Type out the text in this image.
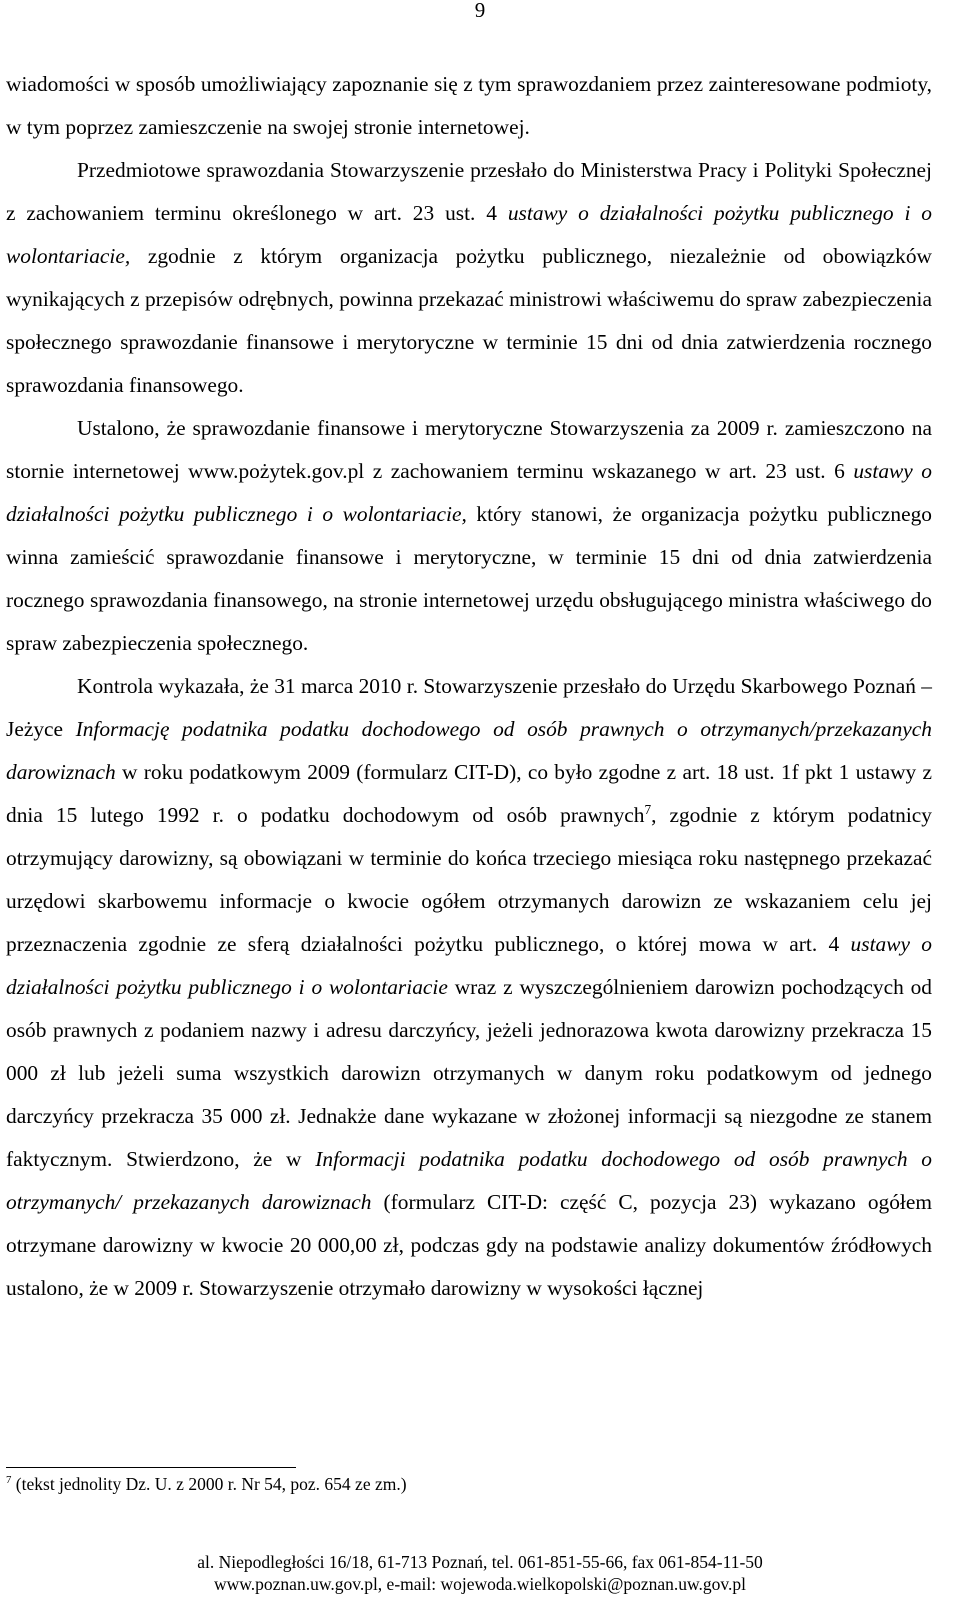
9

wiadomości w sposób umożliwiający zapoznanie się z tym sprawozdaniem przez zainteresowane podmioty, w tym poprzez zamieszczenie na swojej stronie internetowej.

Przedmiotowe sprawozdania Stowarzyszenie przesłało do Ministerstwa Pracy i Polityki Społecznej z zachowaniem terminu określonego w art. 23 ust. 4 ustawy o działalności pożytku publicznego i o wolontariacie, zgodnie z którym organizacja pożytku publicznego, niezależnie od obowiązków wynikających z przepisów odrębnych, powinna przekazać ministrowi właściwemu do spraw zabezpieczenia społecznego sprawozdanie finansowe i merytoryczne w terminie 15 dni od dnia zatwierdzenia rocznego sprawozdania finansowego.

Ustalono, że sprawozdanie finansowe i merytoryczne Stowarzyszenia za 2009 r. zamieszczono na stornie internetowej www.pożytek.gov.pl z zachowaniem terminu wskazanego w art. 23 ust. 6 ustawy o działalności pożytku publicznego i o wolontariacie, który stanowi, że organizacja pożytku publicznego winna zamieścić sprawozdanie finansowe i merytoryczne, w terminie 15 dni od dnia zatwierdzenia rocznego sprawozdania finansowego, na stronie internetowej urzędu obsługującego ministra właściwego do spraw zabezpieczenia społecznego.

Kontrola wykazała, że 31 marca 2010 r. Stowarzyszenie przesłało do Urzędu Skarbowego Poznań – Jeżyce Informację podatnika podatku dochodowego od osób prawnych o otrzymanych/przekazanych darowiznach w roku podatkowym 2009 (formularz CIT-D), co było zgodne z art. 18 ust. 1f pkt 1 ustawy z dnia 15 lutego 1992 r. o podatku dochodowym od osób prawnych$^7$, zgodnie z którym podatnicy otrzymujący darowizny, są obowiązani w terminie do końca trzeciego miesiąca roku następnego przekazać urzędowi skarbowemu informacje o kwocie ogółem otrzymanych darowizn ze wskazaniem celu jej przeznaczenia zgodnie ze sferą działalności pożytku publicznego, o której mowa w art. 4 ustawy o działalności pożytku publicznego i o wolontariacie wraz z wyszczególnieniem darowizn pochodzących od osób prawnych z podaniem nazwy i adresu darczyńcy, jeżeli jednorazowa kwota darowizny przekracza 15 000 zł lub jeżeli suma wszystkich darowizn otrzymanych w danym roku podatkowym od jednego darczyńcy przekracza 35 000 zł. Jednakże dane wykazane w złożonej informacji są niezgodne ze stanem faktycznym. Stwierdzono, że w Informacji podatnika podatku dochodowego od osób prawnych o otrzymanych/ przekazanych darowiznach (formularz CIT-D: część C, pozycja 23) wykazano ogółem otrzymane darowizny w kwocie 20 000,00 zł, podczas gdy na podstawie analizy dokumentów źródłowych ustalono, że w 2009 r. Stowarzyszenie otrzymało darowizny w wysokości łącznej

$^7$ (tekst jednolity Dz. U. z 2000 r. Nr 54, poz. 654 ze zm.)
al. Niepodległości 16/18, 61-713 Poznań, tel. 061-851-55-66, fax 061-854-11-50
www.poznan.uw.gov.pl, e-mail: wojewoda.wielkopolski@poznan.uw.gov.pl
